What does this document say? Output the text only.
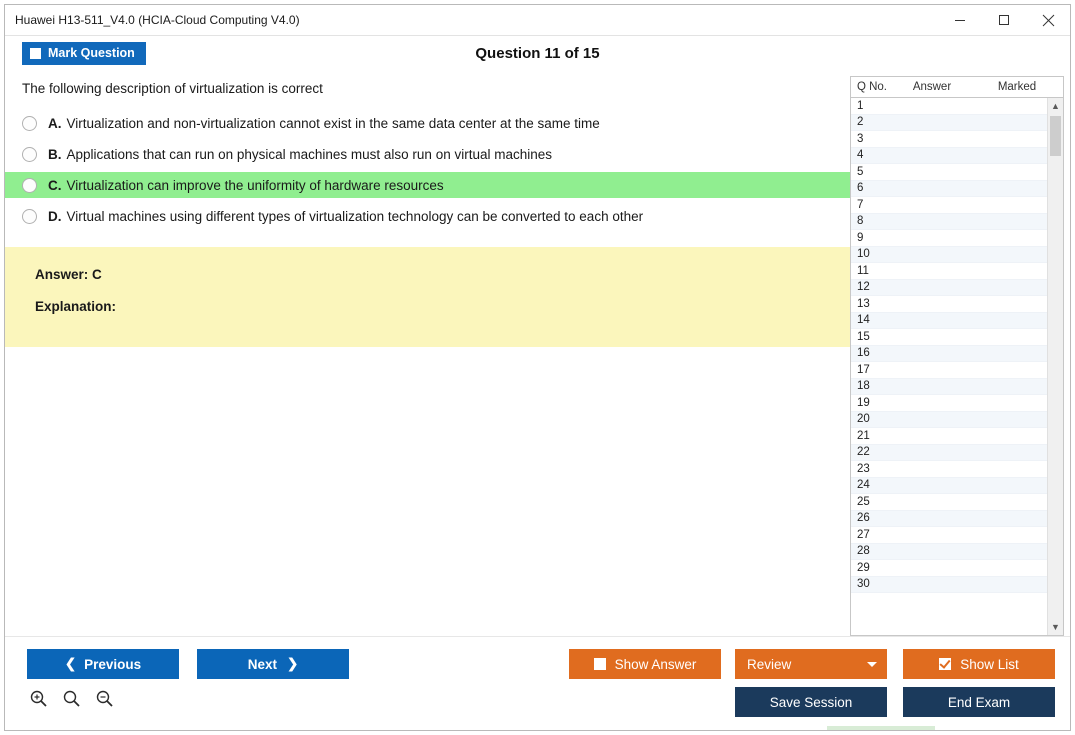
Huawei H13-511_V4.0 (HCIA-Cloud Computing V4.0)
Mark Question	Question 11 of 15
The following description of virtualization is correct
A. Virtualization and non-virtualization cannot exist in the same data center at the same time
B. Applications that can run on physical machines must also run on virtual machines
C. Virtualization can improve the uniformity of hardware resources
D. Virtual machines using different types of virtualization technology can be converted to each other
Answer: C
Explanation:
Q No.	Answer	Marked
1
2
3
4
5
6
7
8
9
10
11
12
13
14
15
16
17
18
19
20
21
22
23
24
25
26
27
28
29
30
▲
▼
❮ Previous	Next ❯	Show Answer	Review	Show List
Save Session	End Exam
